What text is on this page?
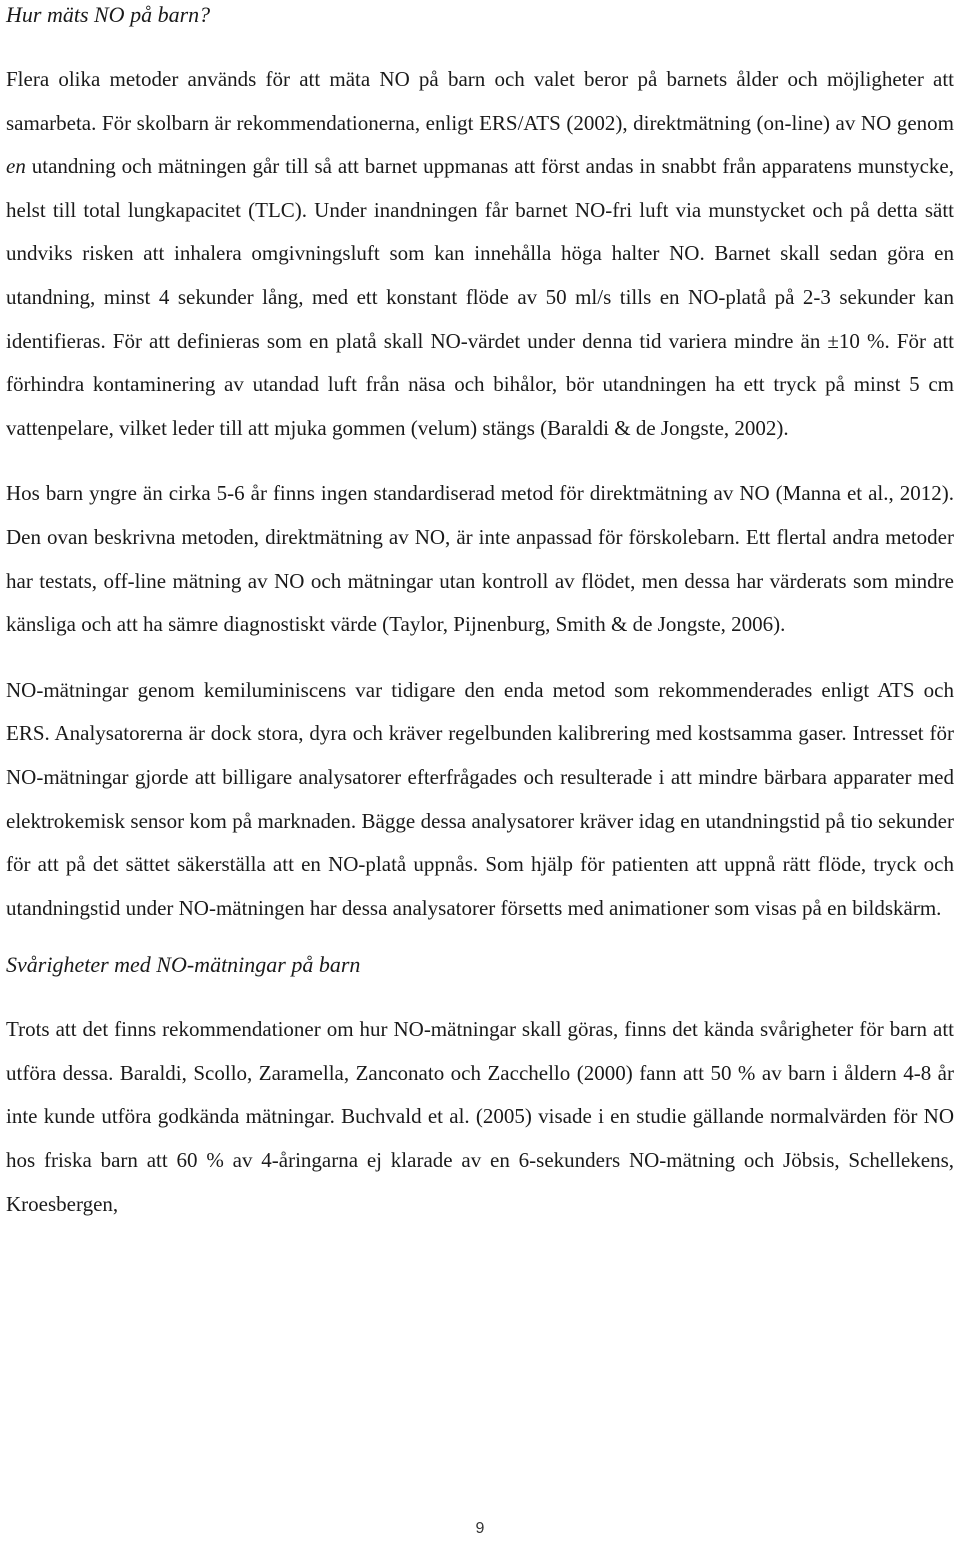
Hur mäts NO på barn?

Flera olika metoder används för att mäta NO på barn och valet beror på barnets ålder och möjligheter att samarbeta. För skolbarn är rekommendationerna, enligt ERS/ATS (2002), direktmätning (on-line) av NO genom en utandning och mätningen går till så att barnet uppmanas att först andas in snabbt från apparatens munstycke, helst till total lungkapacitet (TLC). Under inandningen får barnet NO-fri luft via munstycket och på detta sätt undviks risken att inhalera omgivningsluft som kan innehålla höga halter NO. Barnet skall sedan göra en utandning, minst 4 sekunder lång, med ett konstant flöde av 50 ml/s tills en NO-platå på 2-3 sekunder kan identifieras. För att definieras som en platå skall NO-värdet under denna tid variera mindre än ±10 %. För att förhindra kontaminering av utandad luft från näsa och bihålor, bör utandningen ha ett tryck på minst 5 cm vattenpelare, vilket leder till att mjuka gommen (velum) stängs (Baraldi & de Jongste, 2002).

Hos barn yngre än cirka 5-6 år finns ingen standardiserad metod för direktmätning av NO (Manna et al., 2012). Den ovan beskrivna metoden, direktmätning av NO, är inte anpassad för förskolebarn. Ett flertal andra metoder har testats, off-line mätning av NO och mätningar utan kontroll av flödet, men dessa har värderats som mindre känsliga och att ha sämre diagnostiskt värde (Taylor, Pijnenburg, Smith & de Jongste, 2006).

NO-mätningar genom kemiluminiscens var tidigare den enda metod som rekommenderades enligt ATS och ERS. Analysatorerna är dock stora, dyra och kräver regelbunden kalibrering med kostsamma gaser. Intresset för NO-mätningar gjorde att billigare analysatorer efterfrågades och resulterade i att mindre bärbara apparater med elektrokemisk sensor kom på marknaden. Bägge dessa analysatorer kräver idag en utandningstid på tio sekunder för att på det sättet säkerställa att en NO-platå uppnås. Som hjälp för patienten att uppnå rätt flöde, tryck och utandningstid under NO-mätningen har dessa analysatorer försetts med animationer som visas på en bildskärm.

Svårigheter med NO-mätningar på barn

Trots att det finns rekommendationer om hur NO-mätningar skall göras, finns det kända svårigheter för barn att utföra dessa. Baraldi, Scollo, Zaramella, Zanconato och Zacchello (2000) fann att 50 % av barn i åldern 4-8 år inte kunde utföra godkända mätningar. Buchvald et al. (2005) visade i en studie gällande normalvärden för NO hos friska barn att 60 % av 4-åringarna ej klarade av en 6-sekunders NO-mätning och Jöbsis, Schellekens, Kroesbergen,

9
